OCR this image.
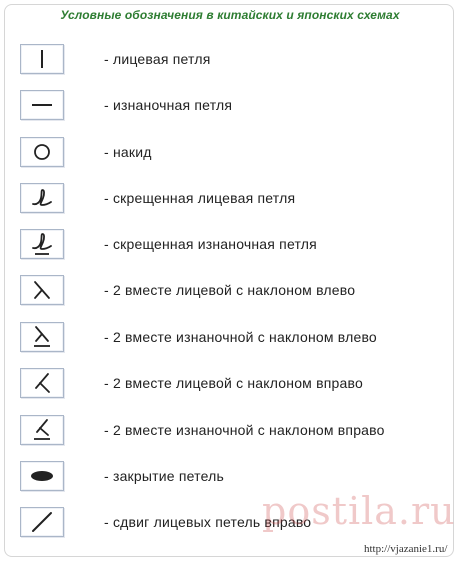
Условные обозначения в китайских и японских схемах
- лицевая петля
- изнаночная петля
- накид
- скрещенная лицевая петля
- скрещенная изнаночная петля
- 2 вместе лицевой с наклоном влево
- 2 вместе изнаночной с наклоном влево
- 2 вместе лицевой с наклоном вправо
- 2 вместе изнаночной с наклоном вправо
- закрытие петель
- сдвиг лицевых петель вправо
postila.ru
http://vjazanie1.ru/
